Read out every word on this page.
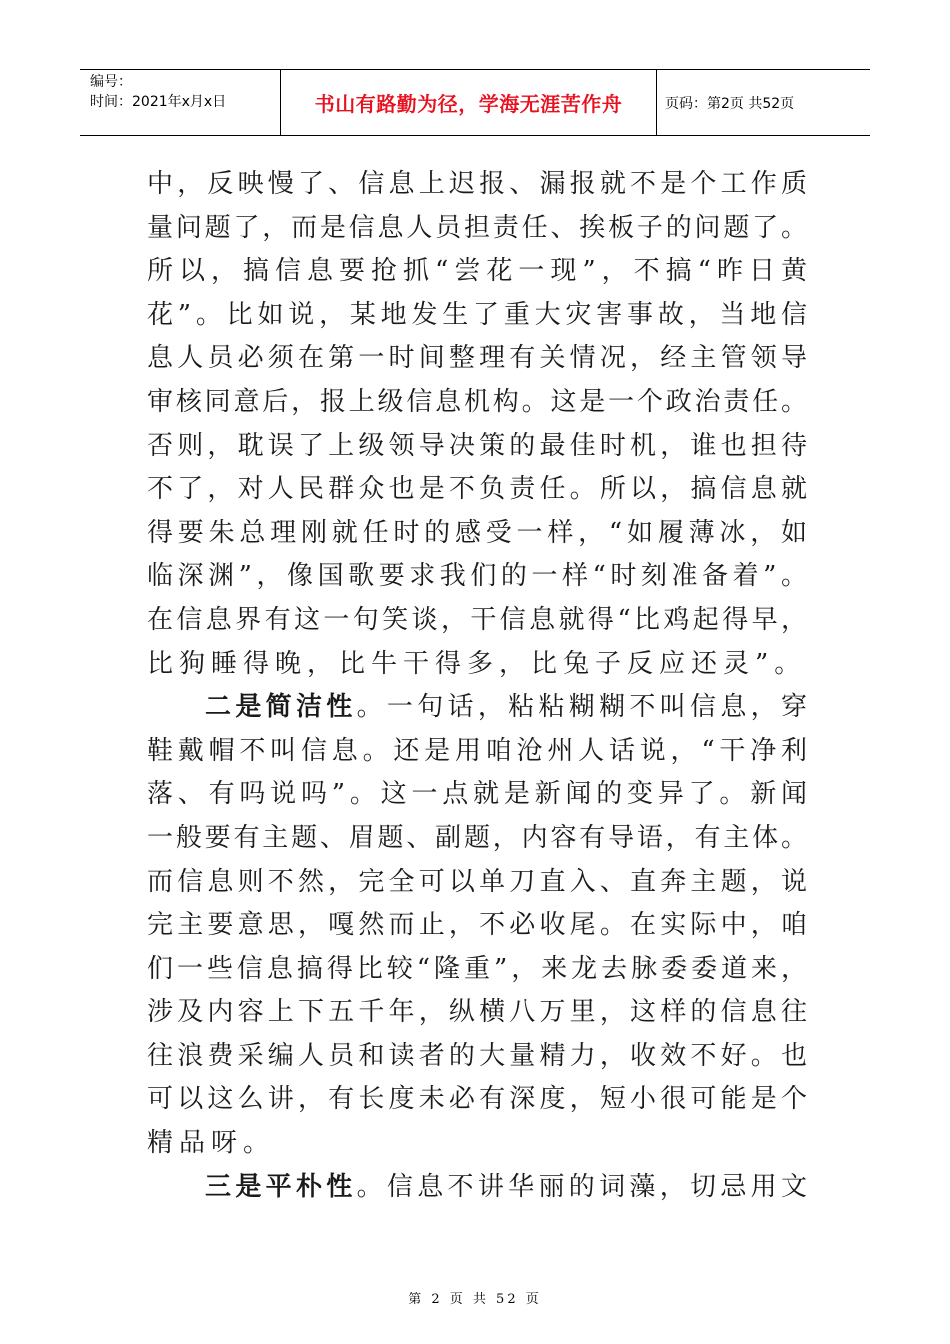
编号：
时间：2021年x月x日	书山有路勤为径，学海无涯苦作舟	页码：第2页 共52页
中，反映慢了、信息上迟报、漏报就不是个工作质
量问题了，而是信息人员担责任、挨板子的问题了。
所以，搞信息要抢抓“尝花一现”，不搞“昨日黄
花”。比如说，某地发生了重大灾害事故，当地信
息人员必须在第一时间整理有关情况，经主管领导
审核同意后，报上级信息机构。这是一个政治责任。
否则，耽误了上级领导决策的最佳时机，谁也担待
不了，对人民群众也是不负责任。所以，搞信息就
得要朱总理刚就任时的感受一样，“如履薄冰，如
临深渊”，像国歌要求我们的一样“时刻准备着”。
在信息界有这一句笑谈，干信息就得“比鸡起得早，
比狗睡得晚，比牛干得多，比兔子反应还灵”。
二是简洁性。一句话，粘粘糊糊不叫信息，穿
鞋戴帽不叫信息。还是用咱沧州人话说，“干净利
落、有吗说吗”。这一点就是新闻的变异了。新闻
一般要有主题、眉题、副题，内容有导语，有主体。
而信息则不然，完全可以单刀直入、直奔主题，说
完主要意思，嘎然而止，不必收尾。在实际中，咱
们一些信息搞得比较“隆重”，来龙去脉委委道来，
涉及内容上下五千年，纵横八万里，这样的信息往
往浪费采编人员和读者的大量精力，收效不好。也
可以这么讲，有长度未必有深度，短小很可能是个
精品呀。
三是平朴性。信息不讲华丽的词藻，切忌用文
第 2 页 共 52 页
